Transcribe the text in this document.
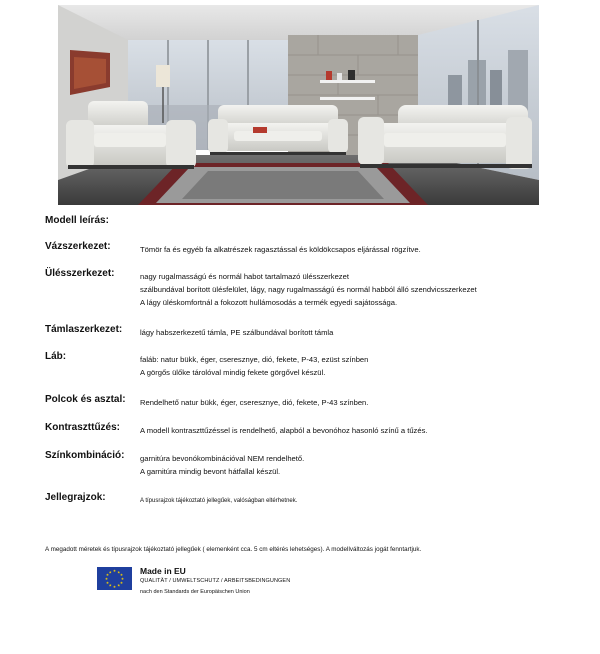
Modell leírás:
Vázszerkezet:	Tömör fa és egyéb fa alkatrészek ragasztással és köldökcsapos eljárással rögzítve.
Ülésszerkezet:	nagy rugalmasságú és normál habot tartalmazó ülésszerkezet
szálbundával borított ülésfelület, lágy, nagy rugalmasságú és normál habból álló szendvicsszerkezet
A lágy üléskomfortnál a fokozott hullámosodás a termék egyedi sajátossága.
Támlaszerkezet: lágy habszerkezetű támla, PE szálbundával borított támla
Láb:	faláb: natur bükk, éger, cseresznye, dió, fekete, P-43, ezüst színben
A görgős ülőke tárolóval mindig fekete görgővel készül.
Polcok és asztal: Rendelhető natur bükk, éger, cseresznye, dió, fekete, P-43 színben.
Kontraszttűzés:	A modell kontraszttűzéssel is rendelhető, alapból a bevonóhoz hasonló színű a tűzés.
Színkombináció: garnitúra bevonókombinációval NEM rendelhető.
A garnitúra mindig bevont hátfallal készül.
Jellegrajzok:	A típusrajzok tájékoztató jellegűek, valóságban eltérhetnek.
A megadott méretek és típusrajzok tájékoztató jellegűek ( elemenként cca. 5 cm eltérés lehetséges). A modellváltozás jogát fenntartjuk.
★ ★
★
★
★
★
★
★
★
★
★
★	Made in EU
QUALITÄT / UMWELTSCHUTZ / ARBEITSBEDINGUNGEN
nach den Standards der Europäischen Union
